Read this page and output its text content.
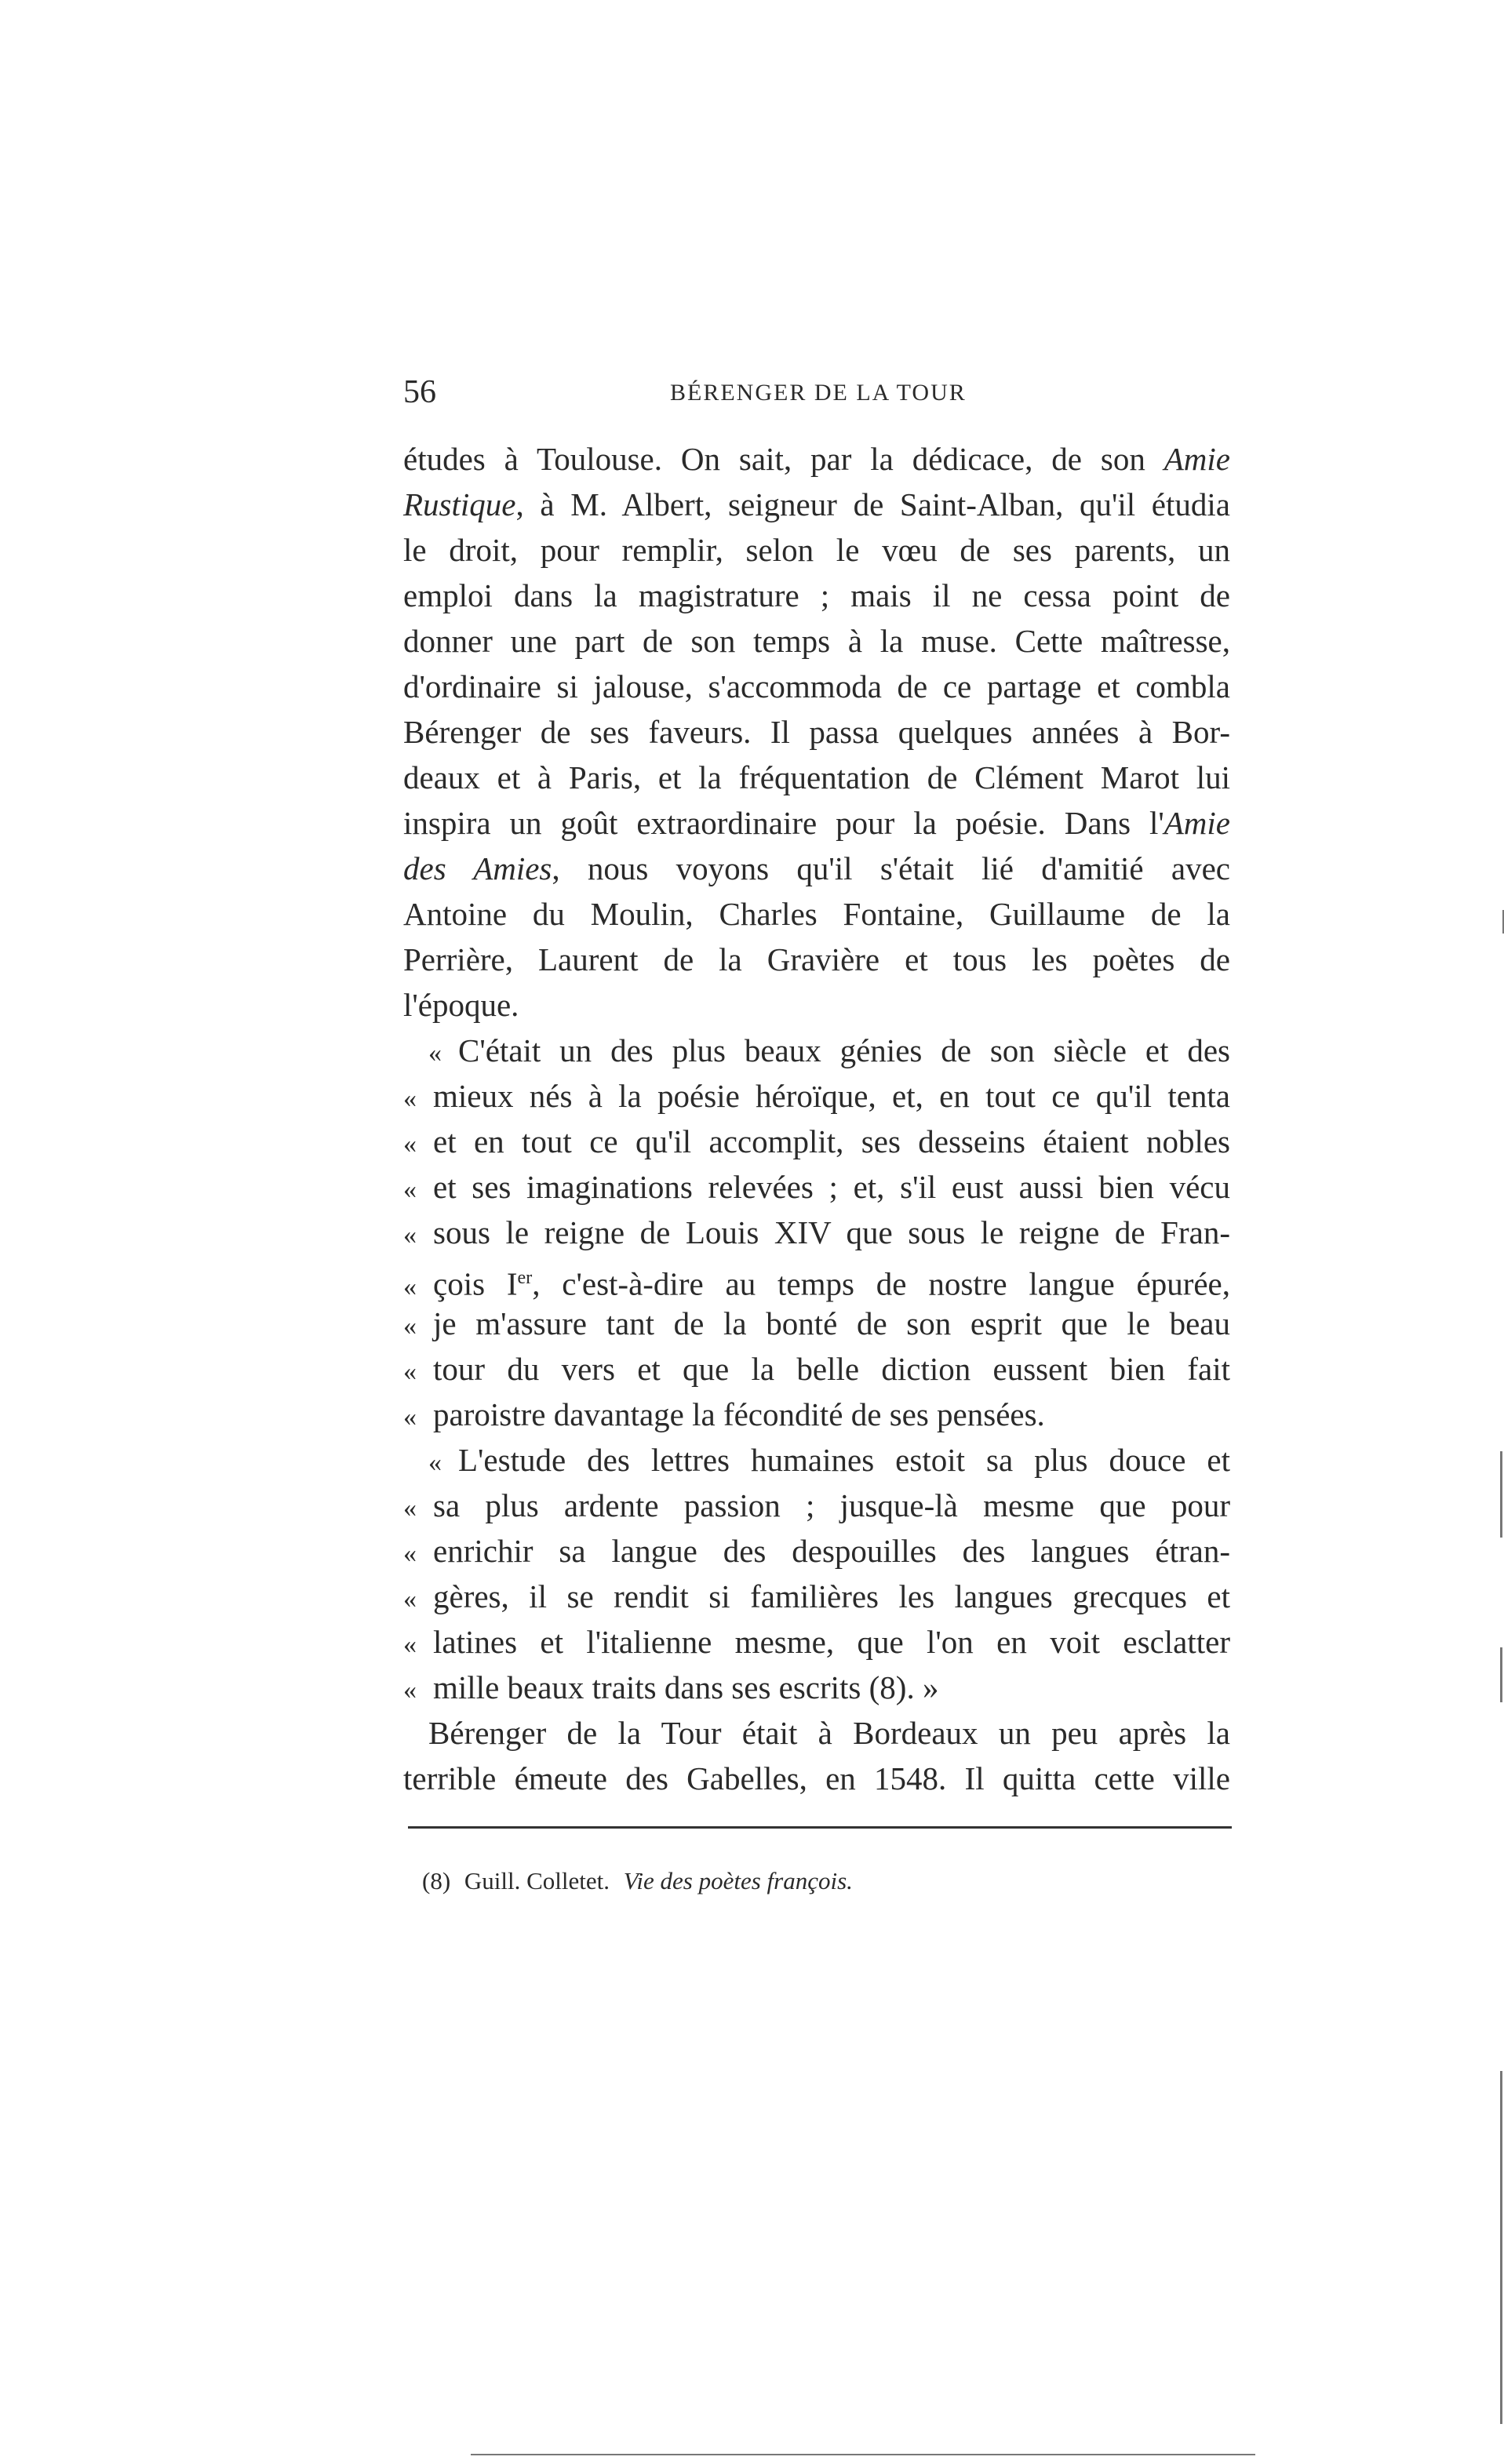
56	BÉRENGER DE LA TOUR
études à Toulouse. On sait, par la dédicace, de son Amie
Rustique, à M. Albert, seigneur de Saint-Alban, qu'il étudia
le droit, pour remplir, selon le vœu de ses parents, un
emploi dans la magistrature ; mais il ne cessa point de
donner une part de son temps à la muse. Cette maîtresse,
d'ordinaire si jalouse, s'accommoda de ce partage et combla
Bérenger de ses faveurs. Il passa quelques années à Bor-
deaux et à Paris, et la fréquentation de Clément Marot lui
inspira un goût extraordinaire pour la poésie. Dans l'Amie
des Amies, nous voyons qu'il s'était lié d'amitié avec
Antoine du Moulin, Charles Fontaine, Guillaume de la
Perrière, Laurent de la Gravière et tous les poètes de
l'époque.
« C'était un des plus beaux génies de son siècle et des
« mieux nés à la poésie héroïque, et, en tout ce qu'il tenta
« et en tout ce qu'il accomplit, ses desseins étaient nobles
« et ses imaginations relevées ; et, s'il eust aussi bien vécu
« sous le reigne de Louis XIV que sous le reigne de Fran-
« çois Ier, c'est-à-dire au temps de nostre langue épurée,
« je m'assure tant de la bonté de son esprit que le beau
« tour du vers et que la belle diction eussent bien fait
« paroistre davantage la fécondité de ses pensées.
« L'estude des lettres humaines estoit sa plus douce et
« sa plus ardente passion ; jusque-là mesme que pour
« enrichir sa langue des despouilles des langues étran-
« gères, il se rendit si familières les langues grecques et
« latines et l'italienne mesme, que l'on en voit esclatter
« mille beaux traits dans ses escrits (8). »
Bérenger de la Tour était à Bordeaux un peu après la
terrible émeute des Gabelles, en 1548. Il quitta cette ville
(8) Guill. Colletet. Vie des poètes françois.
